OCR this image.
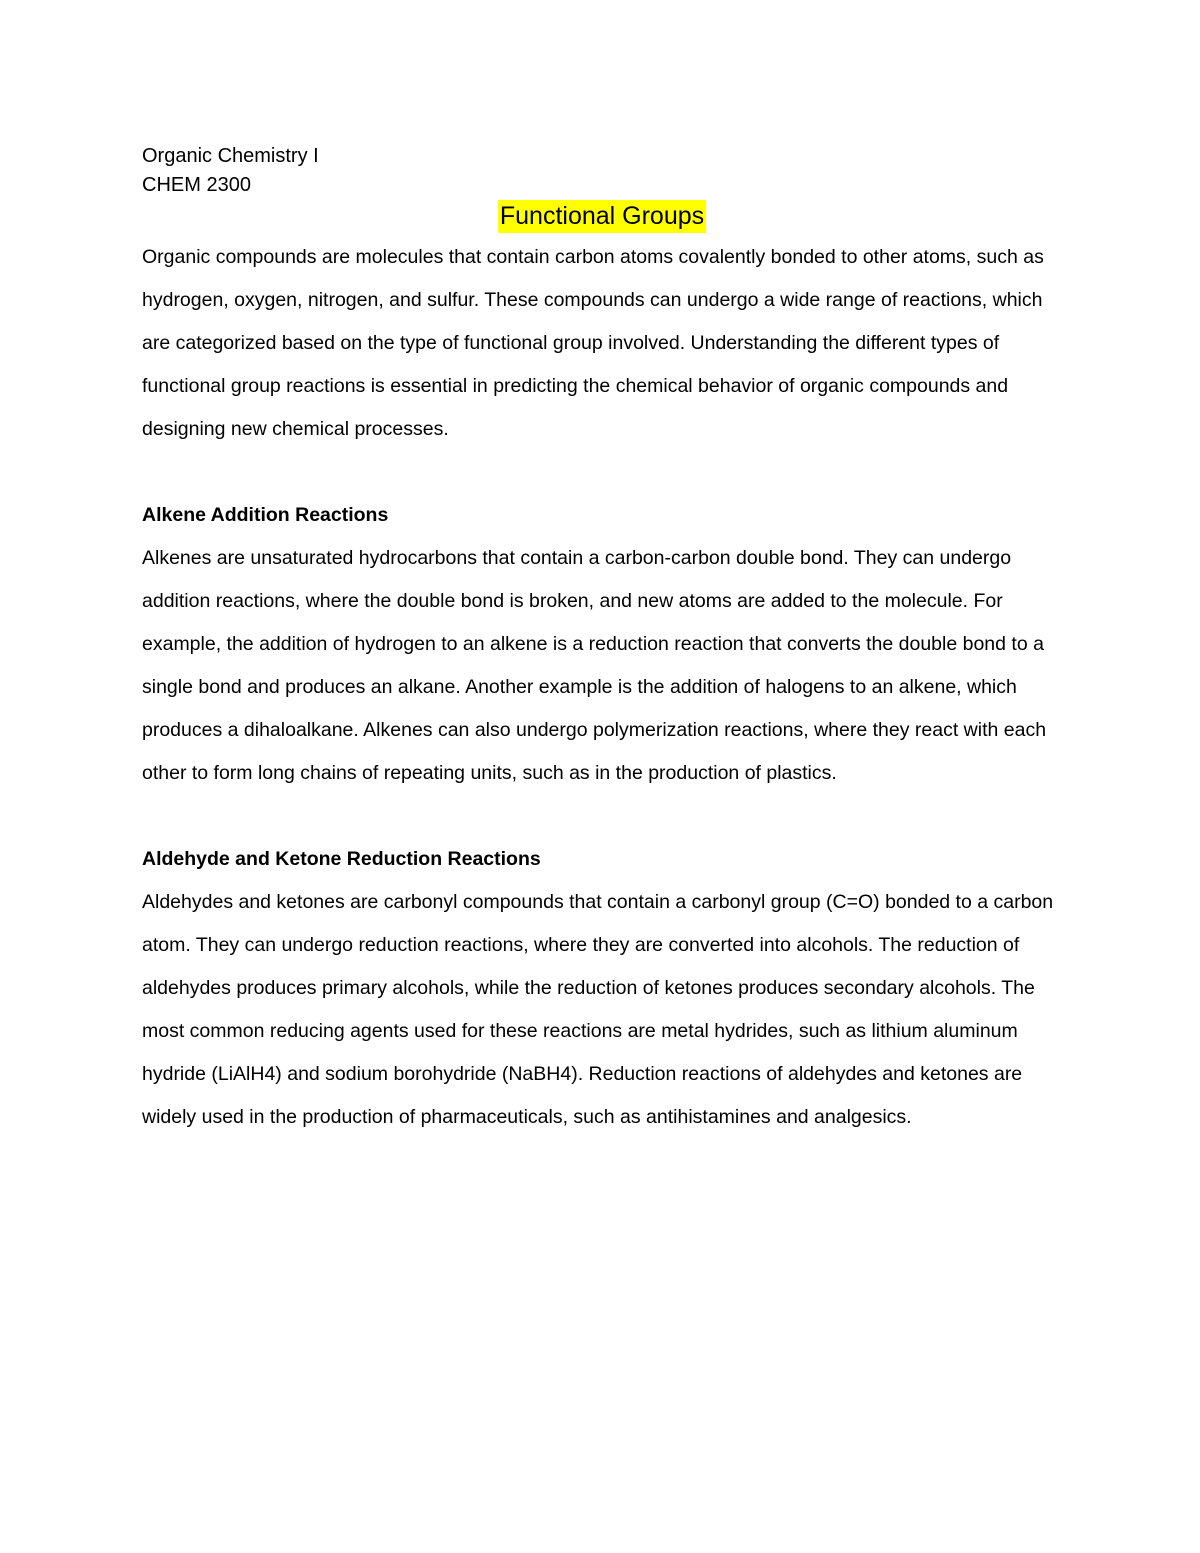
Organic Chemistry I
CHEM 2300
Functional Groups

Organic compounds are molecules that contain carbon atoms covalently bonded to other atoms, such as hydrogen, oxygen, nitrogen, and sulfur. These compounds can undergo a wide range of reactions, which are categorized based on the type of functional group involved. Understanding the different types of functional group reactions is essential in predicting the chemical behavior of organic compounds and designing new chemical processes.

Alkene Addition Reactions

Alkenes are unsaturated hydrocarbons that contain a carbon-carbon double bond. They can undergo addition reactions, where the double bond is broken, and new atoms are added to the molecule. For example, the addition of hydrogen to an alkene is a reduction reaction that converts the double bond to a single bond and produces an alkane. Another example is the addition of halogens to an alkene, which produces a dihaloalkane. Alkenes can also undergo polymerization reactions, where they react with each other to form long chains of repeating units, such as in the production of plastics.

Aldehyde and Ketone Reduction Reactions

Aldehydes and ketones are carbonyl compounds that contain a carbonyl group (C=O) bonded to a carbon atom. They can undergo reduction reactions, where they are converted into alcohols. The reduction of aldehydes produces primary alcohols, while the reduction of ketones produces secondary alcohols. The most common reducing agents used for these reactions are metal hydrides, such as lithium aluminum hydride (LiAlH4) and sodium borohydride (NaBH4). Reduction reactions of aldehydes and ketones are widely used in the production of pharmaceuticals, such as antihistamines and analgesics.
